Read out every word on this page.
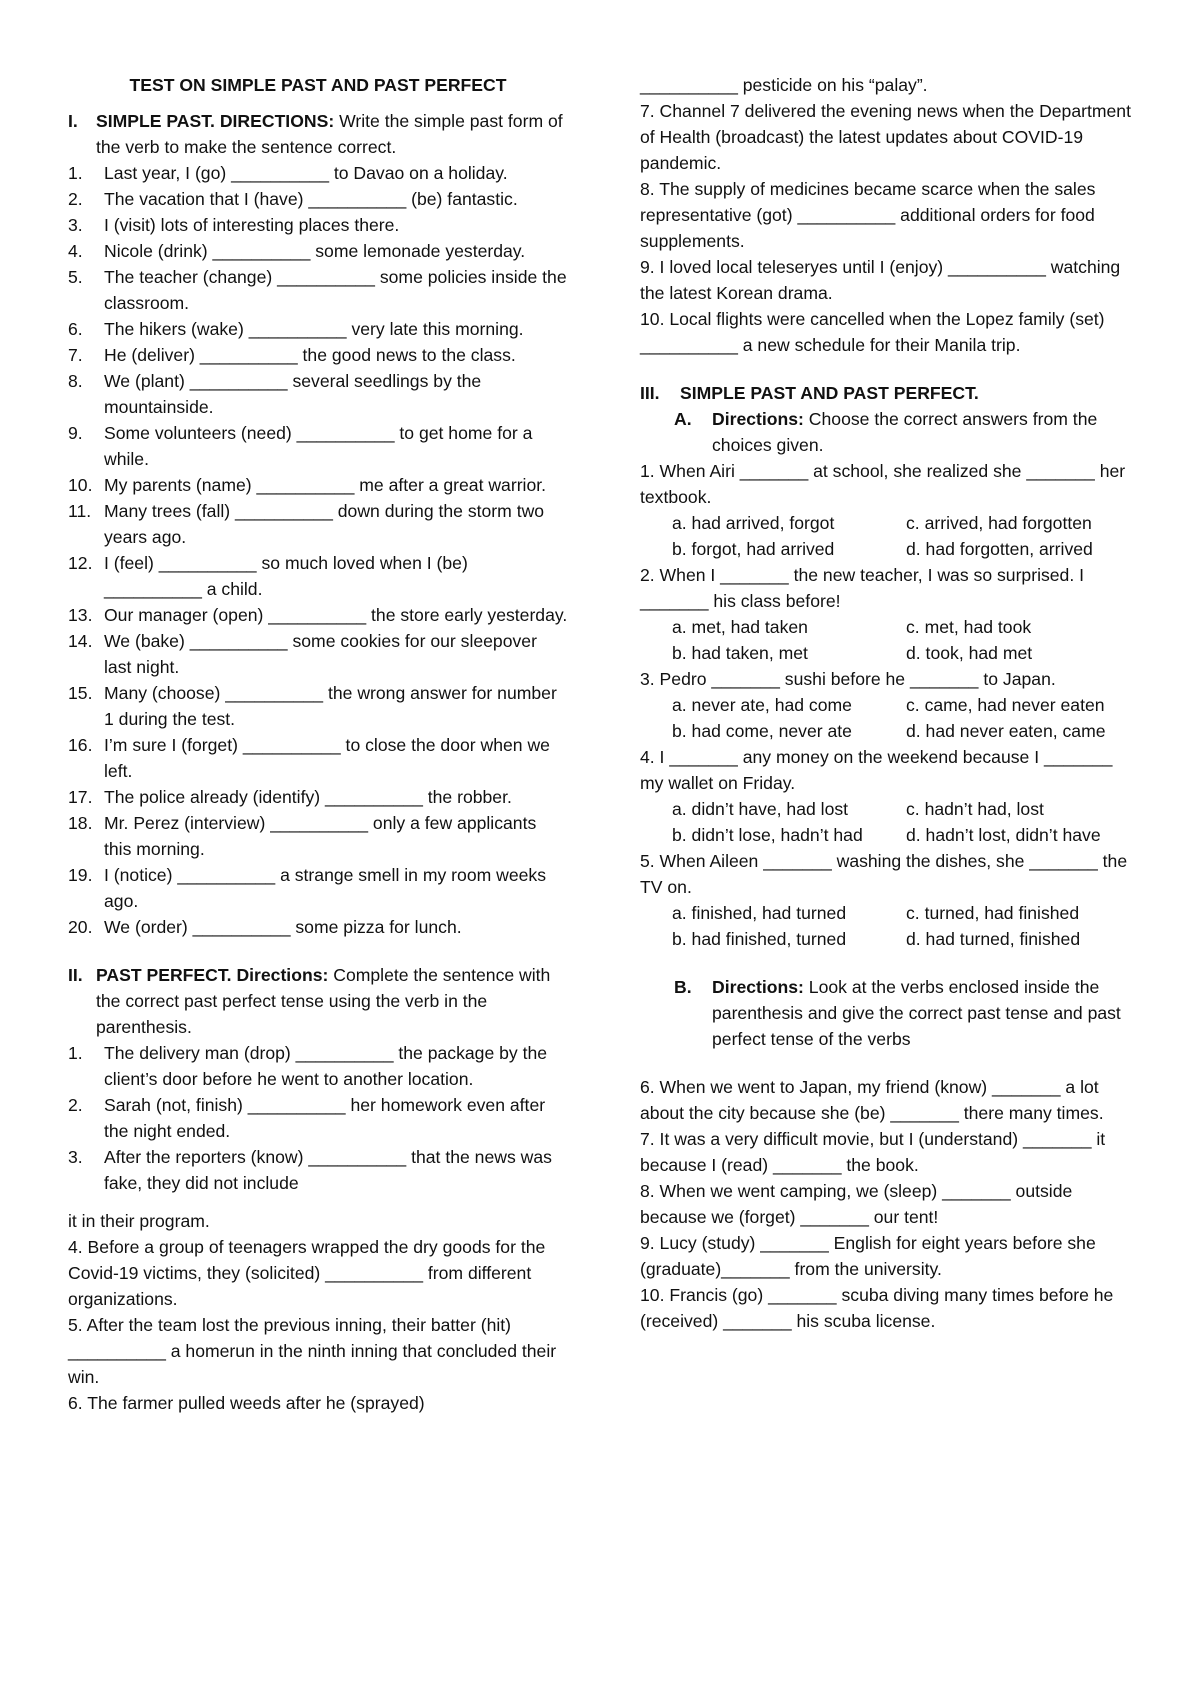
TEST ON SIMPLE PAST AND PAST PERFECT
I.	SIMPLE PAST. DIRECTIONS: Write the simple past form of the verb to make the sentence correct.
1.	Last year, I (go) __________ to Davao on a holiday.
2.	The vacation that I (have) __________ (be) fantastic.
3.	I (visit) lots of interesting places there.
4.	Nicole (drink) __________ some lemonade yesterday.
5.	The teacher (change) __________ some policies inside the classroom.
6.	The hikers (wake) __________ very late this morning.
7.	He (deliver) __________ the good news to the class.
8.	We (plant) __________ several seedlings by the mountainside.
9.	Some volunteers (need) __________ to get home for a while.
10. My parents (name) __________ me after a great warrior.
11. Many trees (fall) __________ down during the storm two years ago.
12. I (feel) __________ so much loved when I (be) __________ a child.
13. Our manager (open) __________ the store early yesterday.
14. We (bake) __________ some cookies for our sleepover last night.
15. Many (choose) __________ the wrong answer for number 1 during the test.
16. I’m sure I (forget) __________ to close the door when we left.
17. The police already (identify) __________ the robber.
18. Mr. Perez (interview) __________ only a few applicants this morning.
19. I (notice) __________ a strange smell in my room weeks ago.
20. We (order) __________ some pizza for lunch.
II. PAST PERFECT. Directions: Complete the sentence with the correct past perfect tense using the verb in the parenthesis.
1.	The delivery man (drop) __________ the package by the client’s door before he went to another location.
2.	Sarah (not, finish) __________ her homework even after the night ended.
3.	After the reporters (know) __________ that the news was fake, they did not include

it in their program.

4. Before a group of teenagers wrapped the dry goods for the Covid-19 victims, they (solicited) __________ from different organizations.

5. After the team lost the previous inning, their batter (hit) __________ a homerun in the ninth inning that concluded their win.

6. The farmer pulled weeds after he (sprayed)

__________ pesticide on his “palay”.

7. Channel 7 delivered the evening news when the Department of Health (broadcast) the latest updates about COVID-19 pandemic.

8. The supply of medicines became scarce when the sales representative (got) __________ additional orders for food supplements.

9. I loved local teleseryes until I (enjoy) __________ watching the latest Korean drama.

10. Local flights were cancelled when the Lopez family (set) __________ a new schedule for their Manila trip.

III.	SIMPLE PAST AND PAST PERFECT.
A.	Directions: Choose the correct answers from the choices given.

1. When Airi _______ at school, she realized she _______ her textbook.

a. had arrived, forgot	c. arrived, had forgotten
b. forgot, had arrived	d. had forgotten, arrived

2. When I _______ the new teacher, I was so surprised. I _______ his class before!

a. met, had taken	c. met, had took
b. had taken, met	d. took, had met

3. Pedro _______ sushi before he _______ to Japan.

a. never ate, had come	c. came, had never eaten
b. had come, never ate	d. had never eaten, came

4. I _______ any money on the weekend because I _______ my wallet on Friday.

a. didn’t have, had lost	c. hadn’t had, lost
b. didn’t lose, hadn’t had	d. hadn’t lost, didn’t have

5. When Aileen _______ washing the dishes, she _______ the TV on.

a. finished, had turned	c. turned, had finished
b. had finished, turned	d. had turned, finished
B.	Directions: Look at the verbs enclosed inside the parenthesis and give the correct past tense and past perfect tense of the verbs

6. When we went to Japan, my friend (know) _______ a lot about the city because she (be) _______ there many times.

7. It was a very difficult movie, but I (understand) _______ it because I (read) _______ the book.

8. When we went camping, we (sleep) _______ outside because we (forget) _______ our tent!

9. Lucy (study) _______ English for eight years before she (graduate)_______ from the university.

10. Francis (go) _______ scuba diving many times before he (received) _______ his scuba license.
